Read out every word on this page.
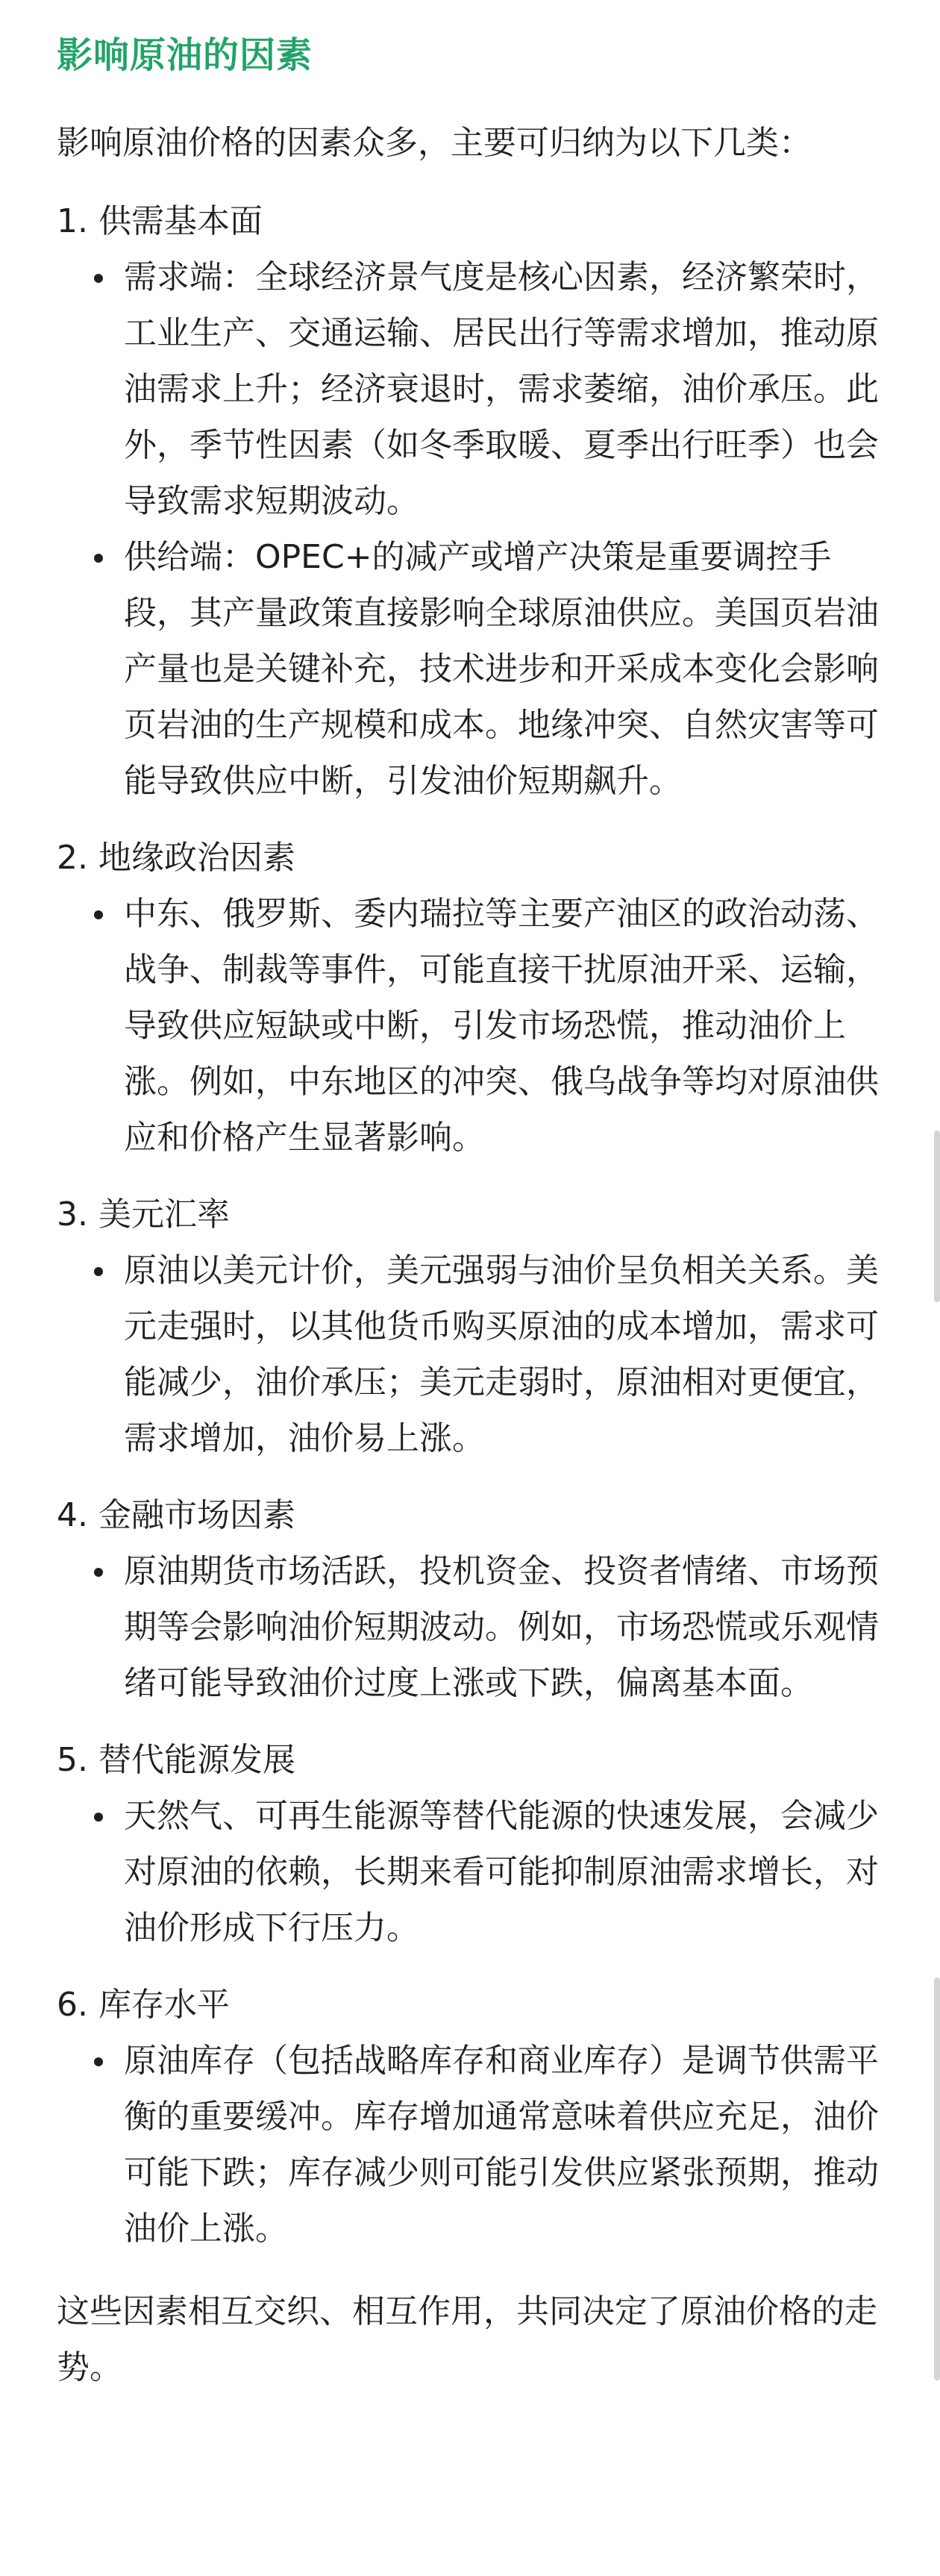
影响原油的因素

影响原油价格的因素众多，主要可归纳为以下几类：

1. 供需基本面

需求端：全球经济景气度是核心因素，经济繁荣时，工业生产、交通运输、居民出行等需求增加，推动原油需求上升；经济衰退时，需求萎缩，油价承压。此外，季节性因素（如冬季取暖、夏季出行旺季）也会导致需求短期波动。
供给端：OPEC+的减产或增产决策是重要调控手段，其产量政策直接影响全球原油供应。美国页岩油产量也是关键补充，技术进步和开采成本变化会影响页岩油的生产规模和成本。地缘冲突、自然灾害等可能导致供应中断，引发油价短期飙升。

2. 地缘政治因素

中东、俄罗斯、委内瑞拉等主要产油区的政治动荡、战争、制裁等事件，可能直接干扰原油开采、运输，导致供应短缺或中断，引发市场恐慌，推动油价上涨。例如，中东地区的冲突、俄乌战争等均对原油供应和价格产生显著影响。

3. 美元汇率

原油以美元计价，美元强弱与油价呈负相关关系。美元走强时，以其他货币购买原油的成本增加，需求可能减少，油价承压；美元走弱时，原油相对更便宜，需求增加，油价易上涨。

4. 金融市场因素

原油期货市场活跃，投机资金、投资者情绪、市场预期等会影响油价短期波动。例如，市场恐慌或乐观情绪可能导致油价过度上涨或下跌，偏离基本面。

5. 替代能源发展

天然气、可再生能源等替代能源的快速发展，会减少对原油的依赖，长期来看可能抑制原油需求增长，对油价形成下行压力。

6. 库存水平

原油库存（包括战略库存和商业库存）是调节供需平衡的重要缓冲。库存增加通常意味着供应充足，油价可能下跌；库存减少则可能引发供应紧张预期，推动油价上涨。

这些因素相互交织、相互作用，共同决定了原油价格的走势。
